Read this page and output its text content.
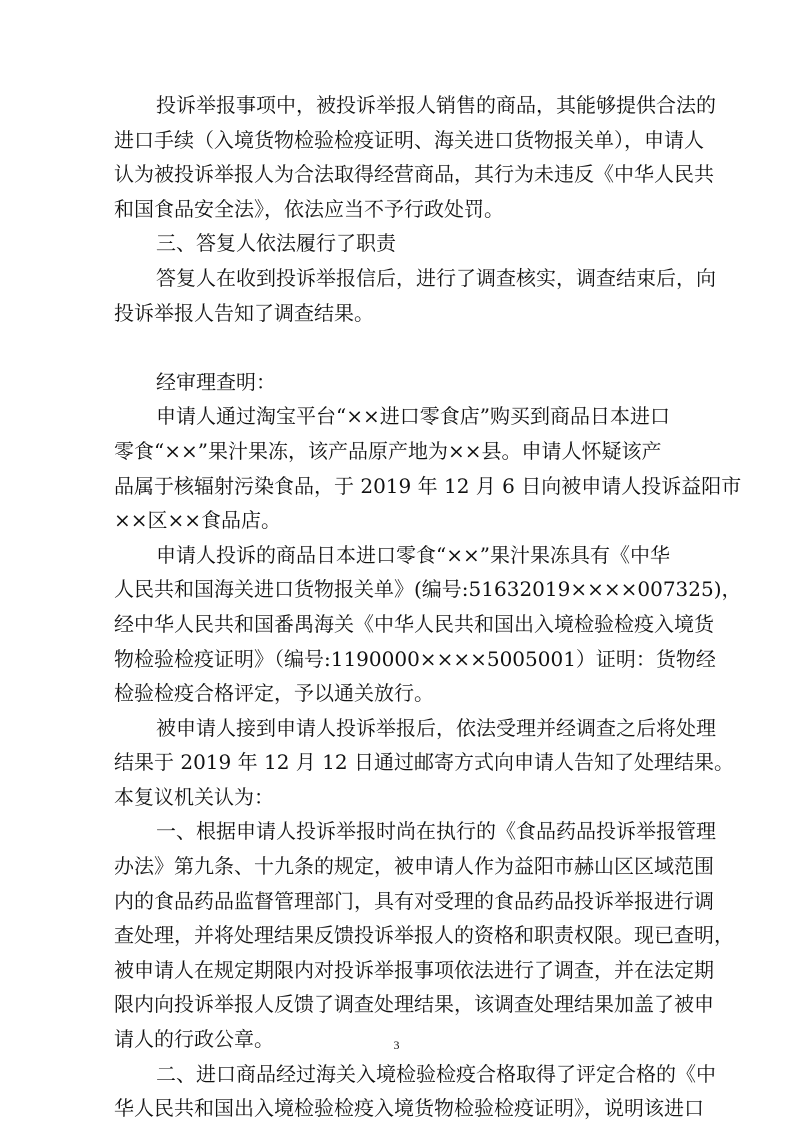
投诉举报事项中，被投诉举报人销售的商品，其能够提供合法的
进口手续（入境货物检验检疫证明、海关进口货物报关单），申请人
认为被投诉举报人为合法取得经营商品，其行为未违反《中华人民共
和国食品安全法》，依法应当不予行政处罚。
三、答复人依法履行了职责
答复人在收到投诉举报信后，进行了调查核实，调查结束后，向
投诉举报人告知了调查结果。
经审理查明：
申请人通过淘宝平台“××进口零食店”购买到商品日本进口
零食“××”果汁果冻，该产品原产地为××县。申请人怀疑该产
品属于核辐射污染食品，于 2019 年 12 月 6 日向被申请人投诉益阳市
××区××食品店。
申请人投诉的商品日本进口零食“××”果汁果冻具有《中华
人民共和国海关进口货物报关单》(编号:51632019××××007325)，
经中华人民共和国番禺海关《中华人民共和国出入境检验检疫入境货
物检验检疫证明》（编号:1190000××××5005001）证明：货物经
检验检疫合格评定，予以通关放行。
被申请人接到申请人投诉举报后，依法受理并经调查之后将处理
结果于 2019 年 12 月 12 日通过邮寄方式向申请人告知了处理结果。
本复议机关认为：
一、根据申请人投诉举报时尚在执行的《食品药品投诉举报管理
办法》第九条、十九条的规定，被申请人作为益阳市赫山区区域范围
内的食品药品监督管理部门，具有对受理的食品药品投诉举报进行调
查处理，并将处理结果反馈投诉举报人的资格和职责权限。现已查明，
被申请人在规定期限内对投诉举报事项依法进行了调查，并在法定期
限内向投诉举报人反馈了调查处理结果，该调查处理结果加盖了被申
请人的行政公章。
二、进口商品经过海关入境检验检疫合格取得了评定合格的《中
华人民共和国出入境检验检疫入境货物检验检疫证明》，说明该进口
3
